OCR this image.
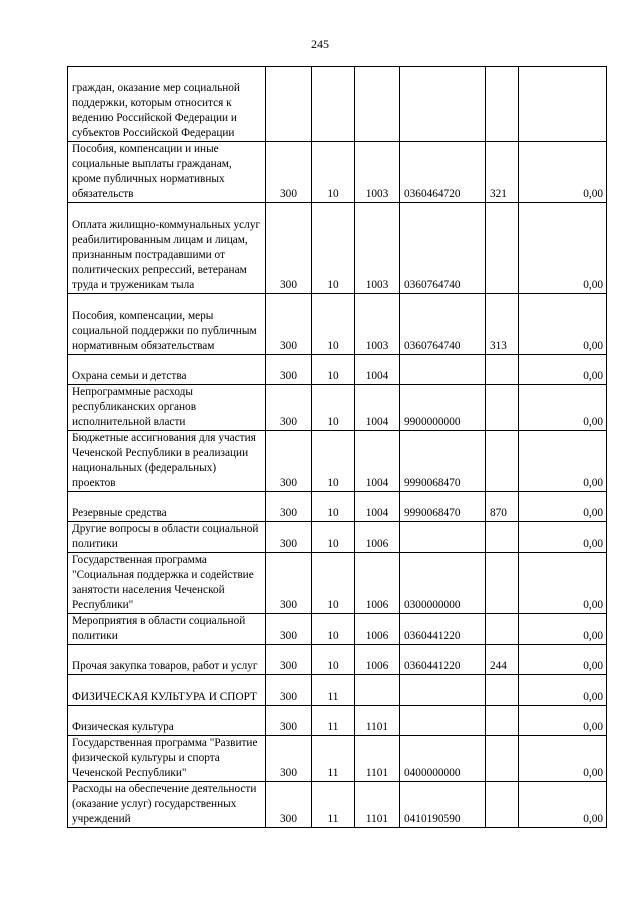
245
граждан, оказание мер социальной поддержки, которым относится к ведению Российской Федерации и субъектов Российской Федерации						
Пособия, компенсации и иные социальные выплаты гражданам, кроме публичных нормативных обязательств	300	10	1003	0360464720	321	0,00
Оплата жилищно-коммунальных услуг реабилитированным лицам и лицам, признанным пострадавшими от политических репрессий, ветеранам труда и труженикам тыла	300	10	1003	0360764740		0,00
Пособия, компенсации, меры социальной поддержки по публичным нормативным обязательствам	300	10	1003	0360764740	313	0,00
Охрана семьи и детства	300	10	1004			0,00
Непрограммные расходы республиканских органов исполнительной власти	300	10	1004	9900000000		0,00
Бюджетные ассигнования для участия Чеченской Республики в реализации национальных (федеральных) проектов	300	10	1004	9990068470		0,00
Резервные средства	300	10	1004	9990068470	870	0,00
Другие вопросы в области социальной политики	300	10	1006			0,00
Государственная программа "Социальная поддержка и содействие занятости населения Чеченской Республики"	300	10	1006	0300000000		0,00
Мероприятия в области социальной политики	300	10	1006	0360441220		0,00
Прочая закупка товаров, работ и услуг	300	10	1006	0360441220	244	0,00
ФИЗИЧЕСКАЯ КУЛЬТУРА И СПОРТ	300	11				0,00
Физическая культура	300	11	1101			0,00
Государственная программа "Развитие физической культуры и спорта Чеченской Республики"	300	11	1101	0400000000		0,00
Расходы на обеспечение деятельности (оказание услуг) государственных учреждений	300	11	1101	0410190590		0,00
